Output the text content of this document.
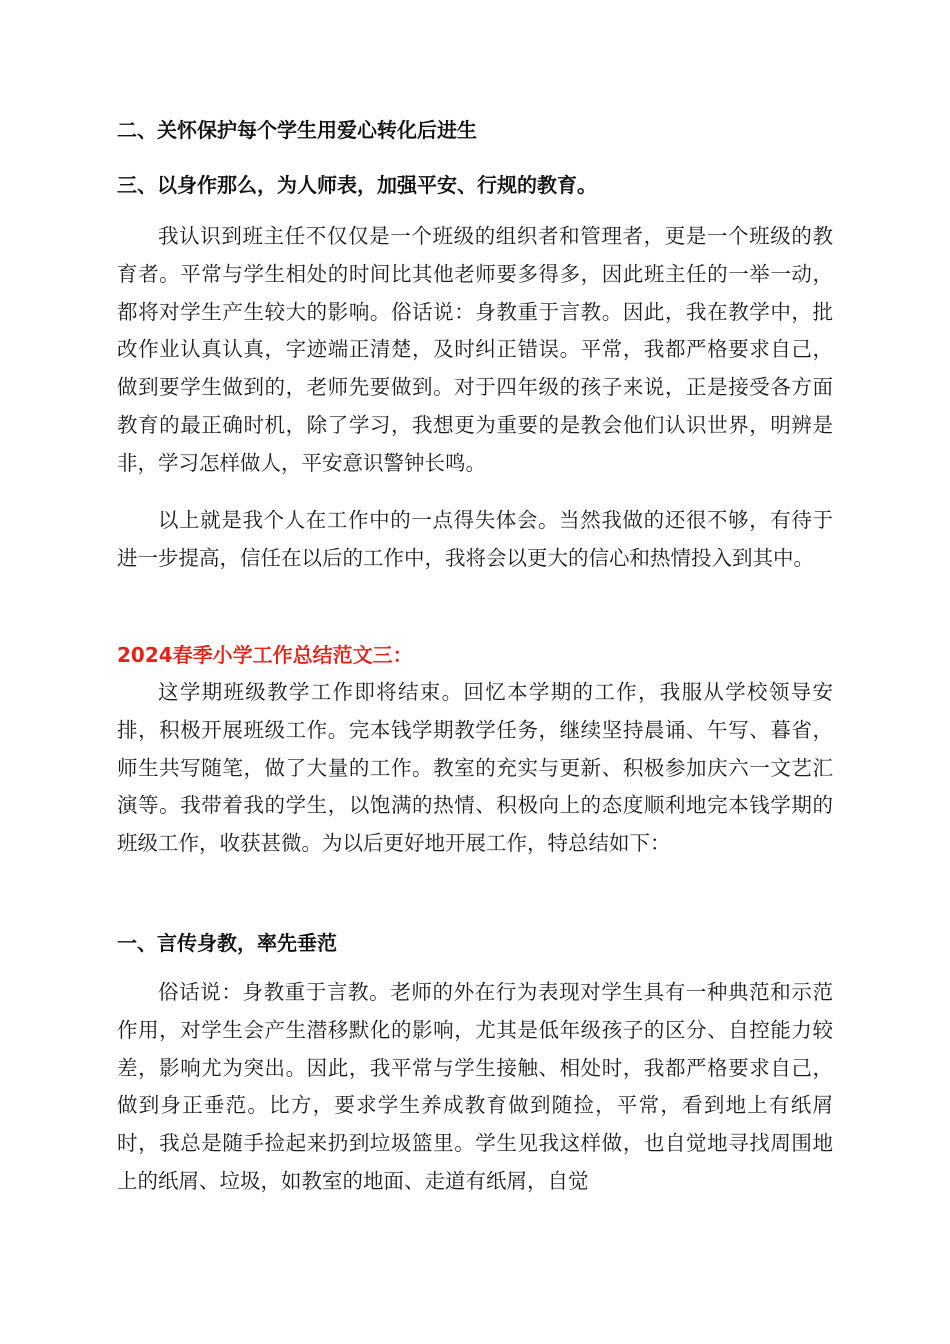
二、关怀保护每个学生用爱心转化后进生
三、以身作那么，为人师表，加强平安、行规的教育。

我认识到班主任不仅仅是一个班级的组织者和管理者，更是一个班级的教育者。平常与学生相处的时间比其他老师要多得多，因此班主任的一举一动，都将对学生产生较大的影响。俗话说：身教重于言教。因此，我在教学中，批改作业认真认真，字迹端正清楚，及时纠正错误。平常，我都严格要求自己，做到要学生做到的，老师先要做到。对于四年级的孩子来说，正是接受各方面教育的最正确时机，除了学习，我想更为重要的是教会他们认识世界，明辨是非，学习怎样做人，平安意识警钟长鸣。

以上就是我个人在工作中的一点得失体会。当然我做的还很不够，有待于进一步提高，信任在以后的工作中，我将会以更大的信心和热情投入到其中。

2024春季小学工作总结范文三：

这学期班级教学工作即将结束。回忆本学期的工作，我服从学校领导安排，积极开展班级工作。完本钱学期教学任务，继续坚持晨诵、午写、暮省，师生共写随笔，做了大量的工作。教室的充实与更新、积极参加庆六一文艺汇演等。我带着我的学生，以饱满的热情、积极向上的态度顺利地完本钱学期的班级工作，收获甚微。为以后更好地开展工作，特总结如下：

一、言传身教，率先垂范

俗话说：身教重于言教。老师的外在行为表现对学生具有一种典范和示范作用，对学生会产生潜移默化的影响，尤其是低年级孩子的区分、自控能力较差，影响尤为突出。因此，我平常与学生接触、相处时，我都严格要求自己，做到身正垂范。比方，要求学生养成教育做到随捡，平常，看到地上有纸屑时，我总是随手捡起来扔到垃圾篮里。学生见我这样做，也自觉地寻找周围地上的纸屑、垃圾，如教室的地面、走道有纸屑，自觉
